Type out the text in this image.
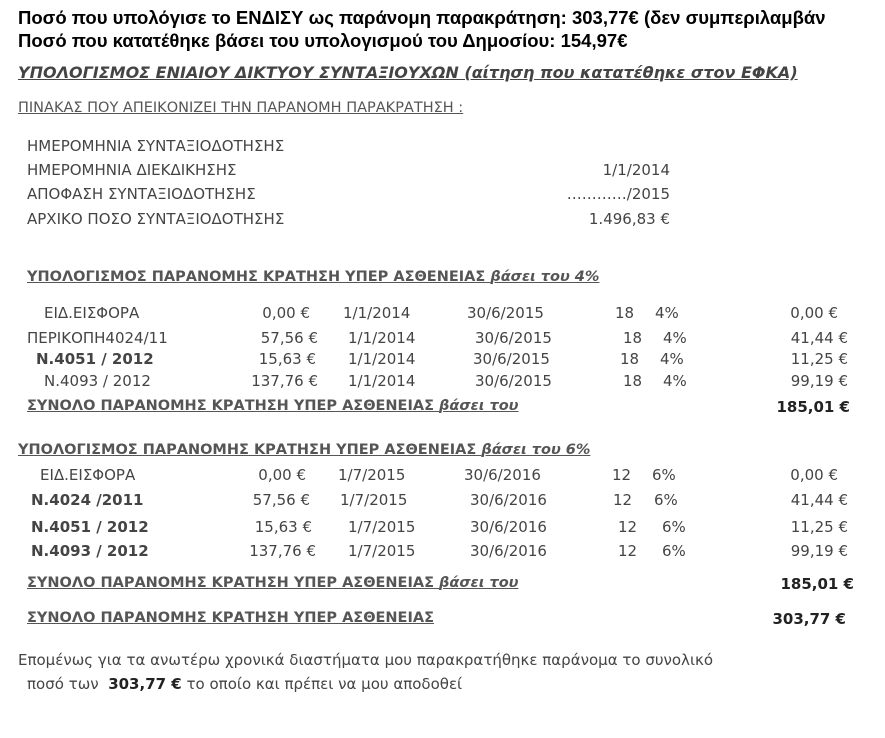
Ποσό που υπολόγισε το ΕΝΔΙΣΥ ως παράνομη παρακράτηση: 303,77€ (δεν συμπεριλαμβάν
Ποσό που κατατέθηκε βάσει του υπολογισμού του Δημοσίου: 154,97€
ΥΠΟΛΟΓΙΣΜΟΣ ΕΝΙΑΙΟΥ ΔΙΚΤΥΟΥ ΣΥΝΤΑΞΙΟΥΧΩΝ (αίτηση που κατατέθηκε στον ΕΦΚΑ)
ΠΙΝΑΚΑΣ ΠΟΥ ΑΠΕΙΚΟΝΙΖΕΙ ΤΗΝ ΠΑΡΑΝΟΜΗ ΠΑΡΑΚΡΑΤΗΣΗ :
ΗΜΕΡΟΜΗΝΙΑ ΣΥΝΤΑΞΙΟΔΟΤΗΣΗΣ
ΗΜΕΡΟΜΗΝΙΑ ΔΙΕΚΔΙΚΗΣΗΣ	1/1/2014
ΑΠΟΦΑΣΗ ΣΥΝΤΑΞΙΟΔΟΤΗΣΗΣ	…………/2015
ΑΡΧΙΚΟ ΠΟΣΟ ΣΥΝΤΑΞΙΟΔΟΤΗΣΗΣ	1.496,83 €
ΥΠΟΛΟΓΙΣΜΟΣ ΠΑΡΑΝΟΜΗΣ ΚΡΑΤΗΣΗ ΥΠΕΡ ΑΣΘΕΝΕΙΑΣ βάσει του 4%
ΕΙΔ.ΕΙΣΦΟΡΑ	0,00 € 1/1/2014	30/6/2015	18 4%	0,00 €
ΠΕΡΙΚΟΠΗ4024/11	57,56 € 1/1/2014	30/6/2015	18 4%	41,44 €
Ν.4051 / 2012	15,63 € 1/1/2014	30/6/2015	18 4%	11,25 €
Ν.4093 / 2012	137,76 € 1/1/2014	30/6/2015	18 4%	99,19 €
ΣΥΝΟΛΟ ΠΑΡΑΝΟΜΗΣ ΚΡΑΤΗΣΗ ΥΠΕΡ ΑΣΘΕΝΕΙΑΣ βάσει του	185,01 €
ΥΠΟΛΟΓΙΣΜΟΣ ΠΑΡΑΝΟΜΗΣ ΚΡΑΤΗΣΗ ΥΠΕΡ ΑΣΘΕΝΕΙΑΣ βάσει του 6%
ΕΙΔ.ΕΙΣΦΟΡΑ	0,00 € 1/7/2015	30/6/2016	12 6%	0,00 €
Ν.4024 /2011	57,56 € 1/7/2015	30/6/2016	12 6%	41,44 €
Ν.4051 / 2012	15,63 € 1/7/2015	30/6/2016	12 6%	11,25 €
Ν.4093 / 2012	137,76 € 1/7/2015	30/6/2016	12 6%	99,19 €
ΣΥΝΟΛΟ ΠΑΡΑΝΟΜΗΣ ΚΡΑΤΗΣΗ ΥΠΕΡ ΑΣΘΕΝΕΙΑΣ βάσει του	185,01 €
ΣΥΝΟΛΟ ΠΑΡΑΝΟΜΗΣ ΚΡΑΤΗΣΗ ΥΠΕΡ ΑΣΘΕΝΕΙΑΣ	303,77 €
Επομένως για τα ανωτέρω χρονικά διαστήματα μου παρακρατήθηκε παράνομα το συνολικό
ποσό των 303,77 € το οποίο και πρέπει να μου αποδοθεί
